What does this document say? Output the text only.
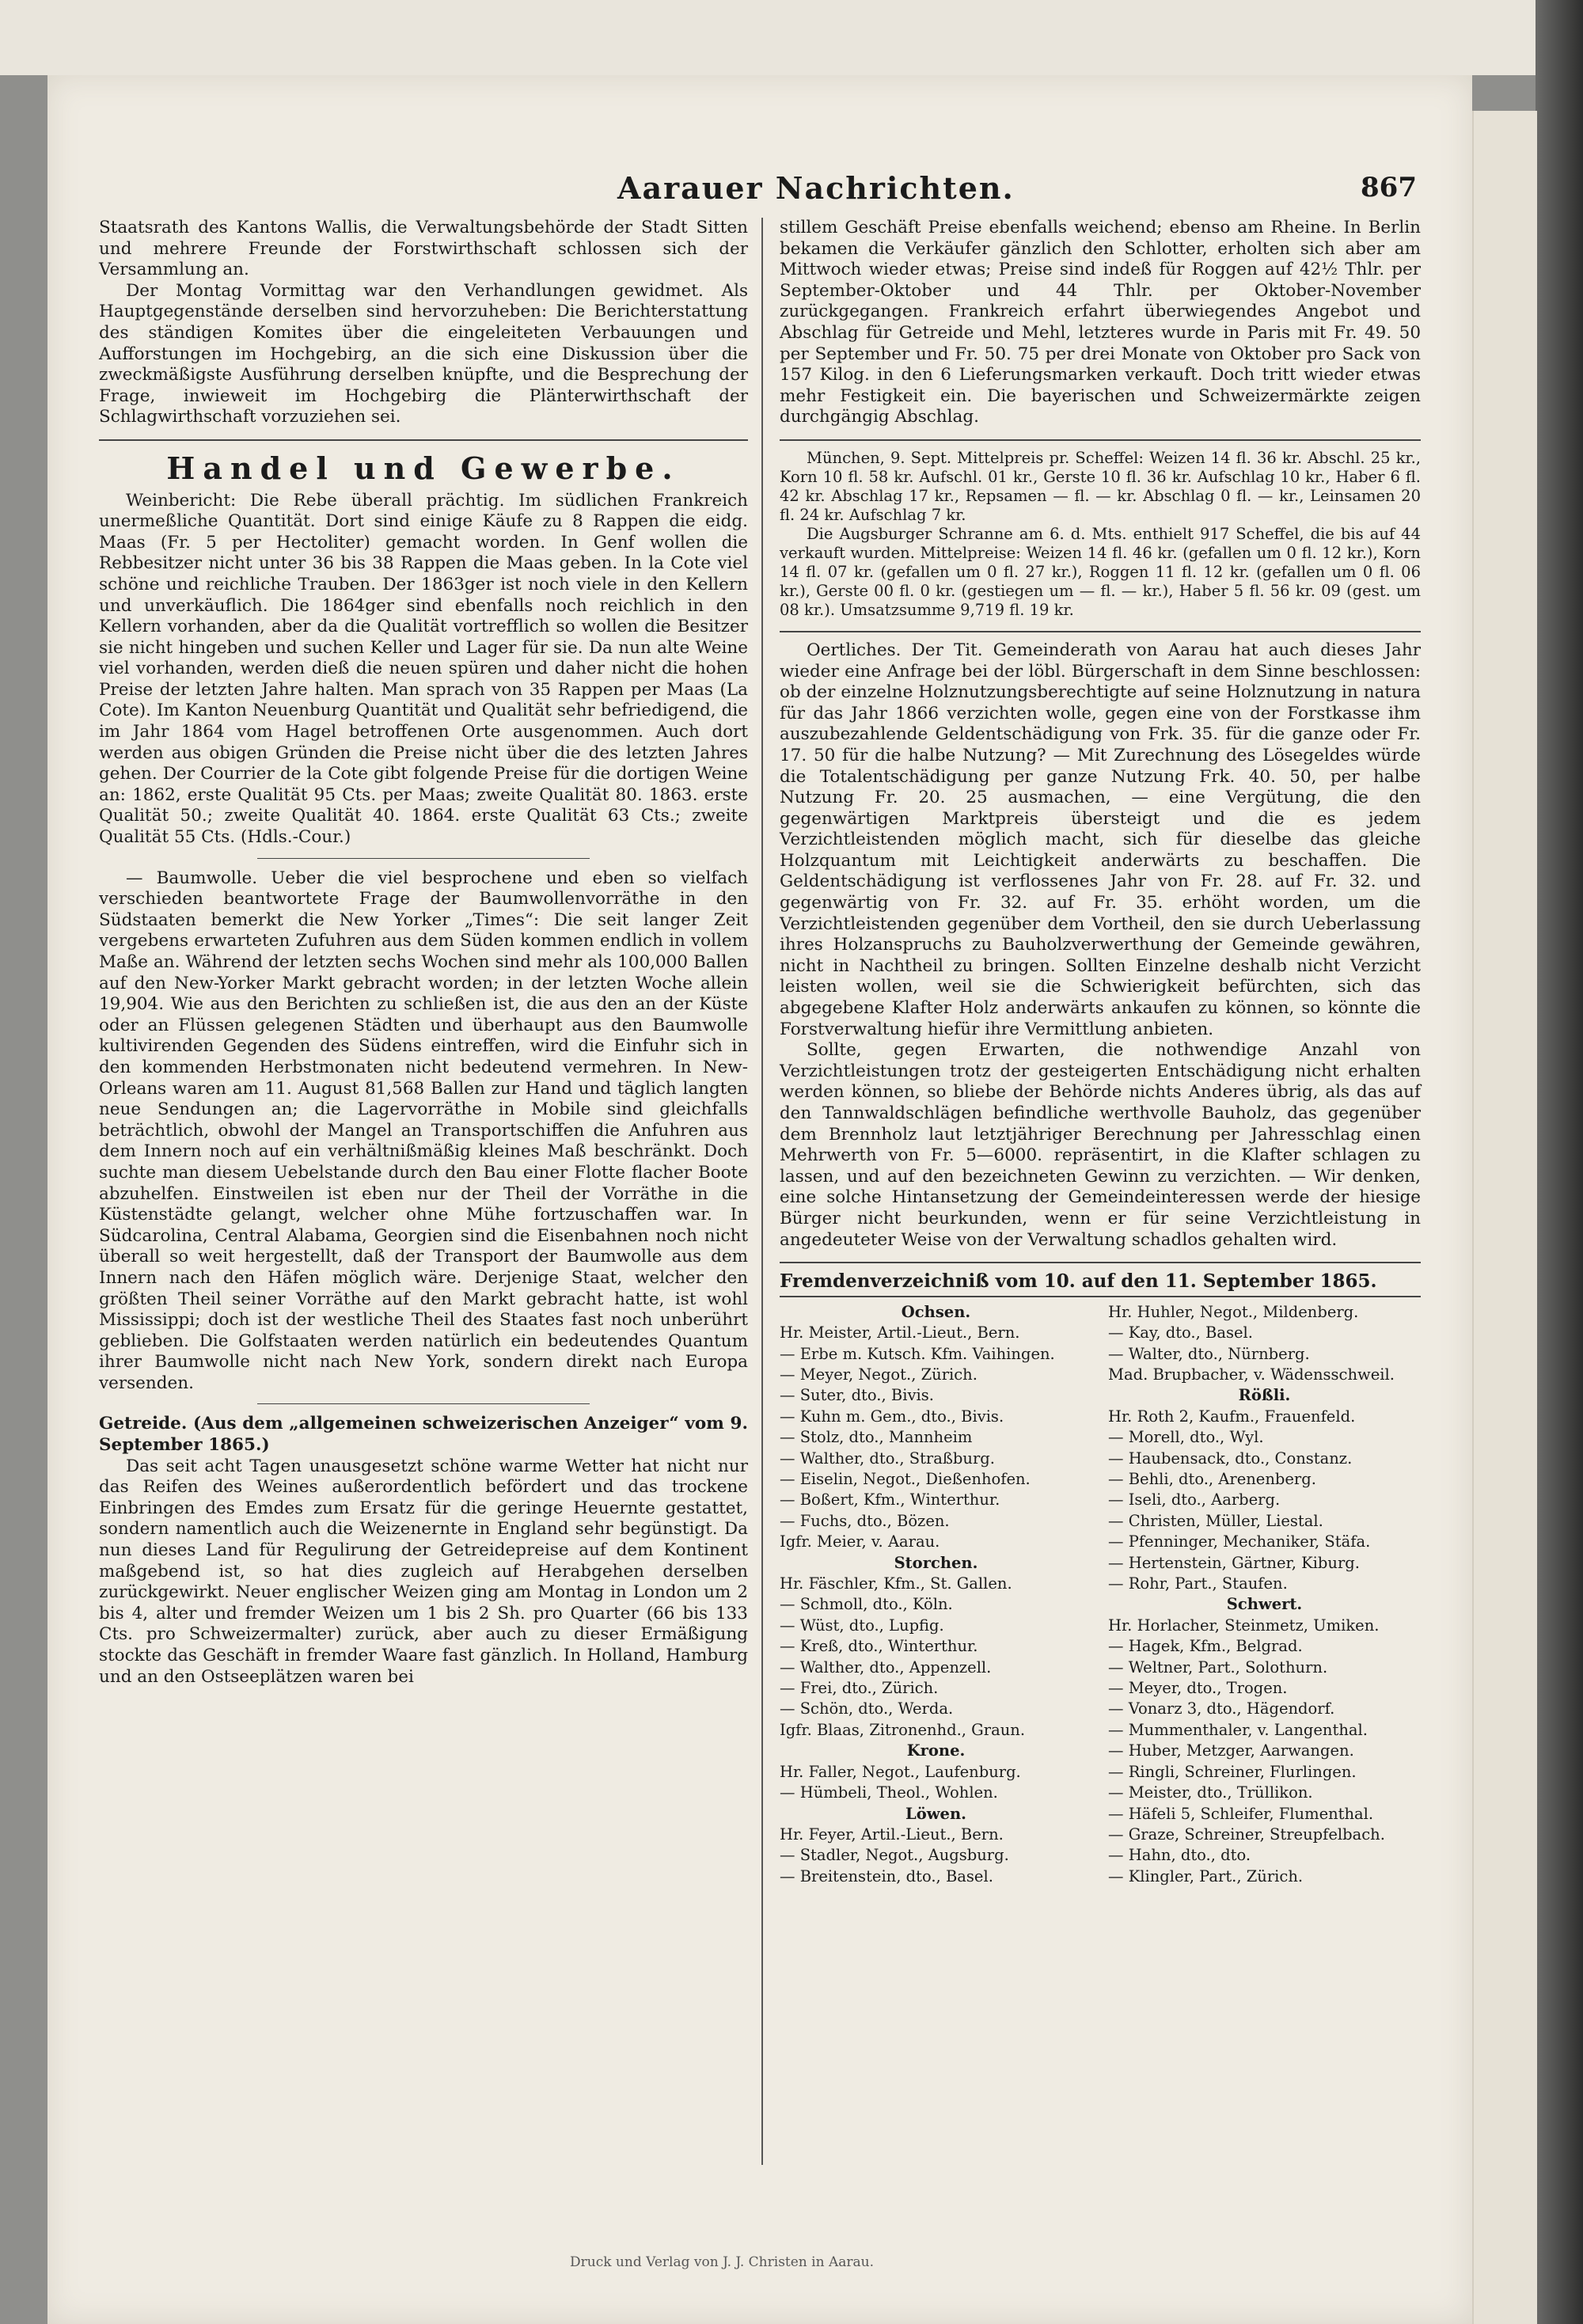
Aarauer Nachrichten.	867

Staatsrath des Kantons Wallis, die Verwaltungsbehörde der Stadt Sitten und mehrere Freunde der Forstwirthschaft schlossen sich der Versammlung an.

Der Montag Vormittag war den Verhandlungen gewidmet. Als Hauptgegenstände derselben sind hervorzuheben: Die Berichterstattung des ständigen Komites über die eingeleiteten Verbauungen und Aufforstungen im Hochgebirg, an die sich eine Diskussion über die zweckmäßigste Ausführung derselben knüpfte, und die Besprechung der Frage, inwieweit im Hochgebirg die Plänterwirthschaft der Schlagwirthschaft vorzuziehen sei.

Handel und Gewerbe.

Weinbericht: Die Rebe überall prächtig. Im südlichen Frankreich unermeßliche Quantität. Dort sind einige Käufe zu 8 Rappen die eidg. Maas (Fr. 5 per Hectoliter) gemacht worden. In Genf wollen die Rebbesitzer nicht unter 36 bis 38 Rappen die Maas geben. In la Cote viel schöne und reichliche Trauben. Der 1863ger ist noch viele in den Kellern und unverkäuflich. Die 1864ger sind ebenfalls noch reichlich in den Kellern vorhanden, aber da die Qualität vortrefflich so wollen die Besitzer sie nicht hingeben und suchen Keller und Lager für sie. Da nun alte Weine viel vorhanden, werden dieß die neuen spüren und daher nicht die hohen Preise der letzten Jahre halten. Man sprach von 35 Rappen per Maas (La Cote). Im Kanton Neuenburg Quantität und Qualität sehr befriedigend, die im Jahr 1864 vom Hagel betroffenen Orte ausgenommen. Auch dort werden aus obigen Gründen die Preise nicht über die des letzten Jahres gehen. Der Courrier de la Cote gibt folgende Preise für die dortigen Weine an: 1862, erste Qualität 95 Cts. per Maas; zweite Qualität 80. 1863. erste Qualität 50.; zweite Qualität 40. 1864. erste Qualität 63 Cts.; zweite Qualität 55 Cts. (Hdls.-Cour.)

— Baumwolle. Ueber die viel besprochene und eben so vielfach verschieden beantwortete Frage der Baumwollenvorräthe in den Südstaaten bemerkt die New Yorker „Times“: Die seit langer Zeit vergebens erwarteten Zufuhren aus dem Süden kommen endlich in vollem Maße an. Während der letzten sechs Wochen sind mehr als 100,000 Ballen auf den New-Yorker Markt gebracht worden; in der letzten Woche allein 19,904. Wie aus den Berichten zu schließen ist, die aus den an der Küste oder an Flüssen gelegenen Städten und überhaupt aus den Baumwolle kultivirenden Gegenden des Südens eintreffen, wird die Einfuhr sich in den kommenden Herbstmonaten nicht bedeutend vermehren. In New-Orleans waren am 11. August 81,568 Ballen zur Hand und täglich langten neue Sendungen an; die Lagervorräthe in Mobile sind gleichfalls beträchtlich, obwohl der Mangel an Transportschiffen die Anfuhren aus dem Innern noch auf ein verhältnißmäßig kleines Maß beschränkt. Doch suchte man diesem Uebelstande durch den Bau einer Flotte flacher Boote abzuhelfen. Einstweilen ist eben nur der Theil der Vorräthe in die Küstenstädte gelangt, welcher ohne Mühe fortzuschaffen war. In Südcarolina, Central Alabama, Georgien sind die Eisenbahnen noch nicht überall so weit hergestellt, daß der Transport der Baumwolle aus dem Innern nach den Häfen möglich wäre. Derjenige Staat, welcher den größten Theil seiner Vorräthe auf den Markt gebracht hatte, ist wohl Mississippi; doch ist der westliche Theil des Staates fast noch unberührt geblieben. Die Golfstaaten werden natürlich ein bedeutendes Quantum ihrer Baumwolle nicht nach New York, sondern direkt nach Europa versenden.

Getreide. (Aus dem „allgemeinen schweizerischen Anzeiger“ vom 9. September 1865.)

Das seit acht Tagen unausgesetzt schöne warme Wetter hat nicht nur das Reifen des Weines außerordentlich befördert und das trockene Einbringen des Emdes zum Ersatz für die geringe Heuernte gestattet, sondern namentlich auch die Weizenernte in England sehr begünstigt. Da nun dieses Land für Regulirung der Getreidepreise auf dem Kontinent maßgebend ist, so hat dies zugleich auf Herabgehen derselben zurückgewirkt. Neuer englischer Weizen ging am Montag in London um 2 bis 4, alter und fremder Weizen um 1 bis 2 Sh. pro Quarter (66 bis 133 Cts. pro Schweizermalter) zurück, aber auch zu dieser Ermäßigung stockte das Geschäft in fremder Waare fast gänzlich. In Holland, Hamburg und an den Ostseeplätzen waren bei

stillem Geschäft Preise ebenfalls weichend; ebenso am Rheine. In Berlin bekamen die Verkäufer gänzlich den Schlotter, erholten sich aber am Mittwoch wieder etwas; Preise sind indeß für Roggen auf 42½ Thlr. per September-Oktober und 44 Thlr. per Oktober-November zurückgegangen. Frankreich erfahrt überwiegendes Angebot und Abschlag für Getreide und Mehl, letzteres wurde in Paris mit Fr. 49. 50 per September und Fr. 50. 75 per drei Monate von Oktober pro Sack von 157 Kilog. in den 6 Lieferungsmarken verkauft. Doch tritt wieder etwas mehr Festigkeit ein. Die bayerischen und Schweizermärkte zeigen durchgängig Abschlag.

München, 9. Sept. Mittelpreis pr. Scheffel: Weizen 14 fl. 36 kr. Abschl. 25 kr., Korn 10 fl. 58 kr. Aufschl. 01 kr., Gerste 10 fl. 36 kr. Aufschlag 10 kr., Haber 6 fl. 42 kr. Abschlag 17 kr., Repsamen — fl. — kr. Abschlag 0 fl. — kr., Leinsamen 20 fl. 24 kr. Aufschlag 7 kr.

Die Augsburger Schranne am 6. d. Mts. enthielt 917 Scheffel, die bis auf 44 verkauft wurden. Mittelpreise: Weizen 14 fl. 46 kr. (gefallen um 0 fl. 12 kr.), Korn 14 fl. 07 kr. (gefallen um 0 fl. 27 kr.), Roggen 11 fl. 12 kr. (gefallen um 0 fl. 06 kr.), Gerste 00 fl. 0 kr. (gestiegen um — fl. — kr.), Haber 5 fl. 56 kr. 09 (gest. um 08 kr.). Umsatzsumme 9,719 fl. 19 kr.

Oertliches. Der Tit. Gemeinderath von Aarau hat auch dieses Jahr wieder eine Anfrage bei der löbl. Bürgerschaft in dem Sinne beschlossen: ob der einzelne Holznutzungsberechtigte auf seine Holznutzung in natura für das Jahr 1866 verzichten wolle, gegen eine von der Forstkasse ihm auszubezahlende Geldentschädigung von Frk. 35. für die ganze oder Fr. 17. 50 für die halbe Nutzung? — Mit Zurechnung des Lösegeldes würde die Totalentschädigung per ganze Nutzung Frk. 40. 50, per halbe Nutzung Fr. 20. 25 ausmachen, — eine Vergütung, die den gegenwärtigen Marktpreis übersteigt und die es jedem Verzichtleistenden möglich macht, sich für dieselbe das gleiche Holzquantum mit Leichtigkeit anderwärts zu beschaffen. Die Geldentschädigung ist verflossenes Jahr von Fr. 28. auf Fr. 32. und gegenwärtig von Fr. 32. auf Fr. 35. erhöht worden, um die Verzichtleistenden gegenüber dem Vortheil, den sie durch Ueberlassung ihres Holzanspruchs zu Bauholzverwerthung der Gemeinde gewähren, nicht in Nachtheil zu bringen. Sollten Einzelne deshalb nicht Verzicht leisten wollen, weil sie die Schwierigkeit befürchten, sich das abgegebene Klafter Holz anderwärts ankaufen zu können, so könnte die Forstverwaltung hiefür ihre Vermittlung anbieten.

Sollte, gegen Erwarten, die nothwendige Anzahl von Verzichtleistungen trotz der gesteigerten Entschädigung nicht erhalten werden können, so bliebe der Behörde nichts Anderes übrig, als das auf den Tannwaldschlägen befindliche werthvolle Bauholz, das gegenüber dem Brennholz laut letztjähriger Berechnung per Jahresschlag einen Mehrwerth von Fr. 5—6000. repräsentirt, in die Klafter schlagen zu lassen, und auf den bezeichneten Gewinn zu verzichten. — Wir denken, eine solche Hintansetzung der Gemeindeinteressen werde der hiesige Bürger nicht beurkunden, wenn er für seine Verzichtleistung in angedeuteter Weise von der Verwaltung schadlos gehalten wird.

Fremdenverzeichniß vom 10. auf den 11. September 1865.

Ochsen.
Hr. Meister, Artil.-Lieut., Bern.
— Erbe m. Kutsch. Kfm. Vaihingen.
— Meyer, Negot., Zürich.
— Suter, dto., Bivis.
— Kuhn m. Gem., dto., Bivis.
— Stolz, dto., Mannheim
— Walther, dto., Straßburg.
— Eiselin, Negot., Dießenhofen.
— Boßert, Kfm., Winterthur.
— Fuchs, dto., Bözen.
Igfr. Meier, v. Aarau.
Storchen.
Hr. Fäschler, Kfm., St. Gallen.
— Schmoll, dto., Köln.
— Wüst, dto., Lupfig.
— Kreß, dto., Winterthur.
— Walther, dto., Appenzell.
— Frei, dto., Zürich.
— Schön, dto., Werda.
Igfr. Blaas, Zitronenhd., Graun.
Krone.
Hr. Faller, Negot., Laufenburg.
— Hümbeli, Theol., Wohlen.
Löwen.
Hr. Feyer, Artil.-Lieut., Bern.
— Stadler, Negot., Augsburg.
— Breitenstein, dto., Basel.
Hr. Huhler, Negot., Mildenberg.
— Kay, dto., Basel.
— Walter, dto., Nürnberg.
Mad. Brupbacher, v. Wädensschweil.
Rößli.
Hr. Roth 2, Kaufm., Frauenfeld.
— Morell, dto., Wyl.
— Haubensack, dto., Constanz.
— Behli, dto., Arenenberg.
— Iseli, dto., Aarberg.
— Christen, Müller, Liestal.
— Pfenninger, Mechaniker, Stäfa.
— Hertenstein, Gärtner, Kiburg.
— Rohr, Part., Staufen.
Schwert.
Hr. Horlacher, Steinmetz, Umiken.
— Hagek, Kfm., Belgrad.
— Weltner, Part., Solothurn.
— Meyer, dto., Trogen.
— Vonarz 3, dto., Hägendorf.
— Mummenthaler, v. Langenthal.
— Huber, Metzger, Aarwangen.
— Ringli, Schreiner, Flurlingen.
— Meister, dto., Trüllikon.
— Häfeli 5, Schleifer, Flumenthal.
— Graze, Schreiner, Streupfelbach.
— Hahn, dto., dto.
— Klingler, Part., Zürich.
Druck und Verlag von J. J. Christen in Aarau.
